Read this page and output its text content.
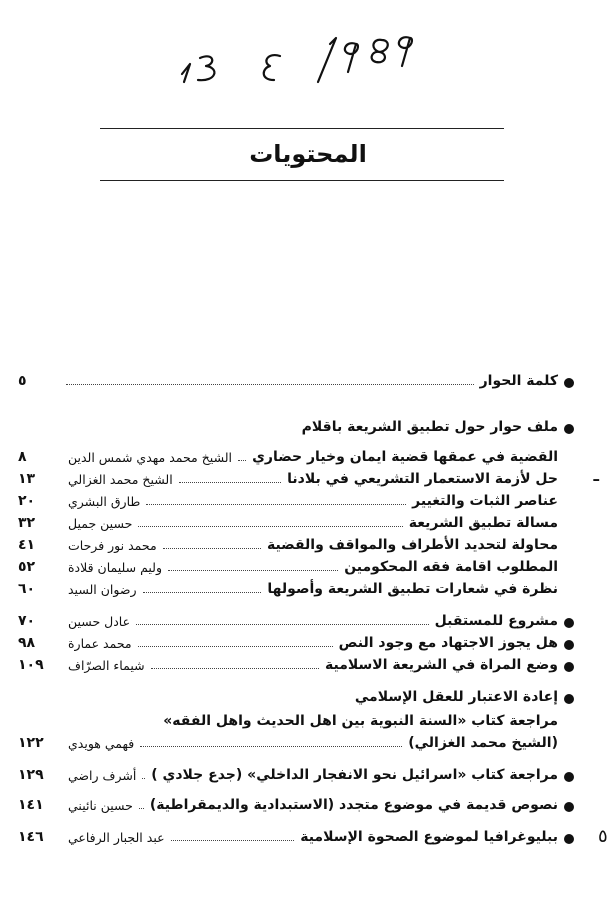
المحتويات
كلمة الحوار
٥
ملف حوار حول تطبيق الشريعة باقلام
القضية في عمقها قضية ايمان وخيار حضاري
الشيخ محمد مهدي شمس الدين
٨
–
حل لأزمة الاستعمار التشريعي في بلادنا
الشيخ محمد الغزالي
١٣
عناصر الثبات والتغيير
طارق البشري
٢٠
مسالة تطبيق الشريعة
حسين جميل
٣٢
محاولة لتحديد الأطراف والمواقف والقضية
محمد نور فرحات
٤١
المطلوب اقامة فقه المحكومين
وليم سليمان قلادة
٥٢
نظرة في شعارات تطبيق الشريعة وأصولها
رضوان السيد
٦٠
مشروع للمستقبل
عادل حسين
٧٠
هل يجوز الاجتهاد مع وجود النص
محمد عمارة
٩٨
وضع المراة في الشريعة الاسلامية
شيماء الصرّاف
١٠٩
إعادة الاعتبار للعقل الإسلامي
مراجعة كتاب «السنة النبوية بين اهل الحديث واهل الفقه»
(الشيخ محمد الغزالي)
فهمي هويدي
١٢٢
مراجعة كتاب «اسرائيل نحو الانفجار الداخلي» (جدع جلادي )
أشرف راضي
١٢٩
نصوص قديمة في موضوع متجدد (الاستبدادية والديمقراطية)
حسين نائيني
١٤١
ببليوغرافيا لموضوع الصحوة الإسلامية
عبد الجبار الرفاعي
١٤٦	٥
